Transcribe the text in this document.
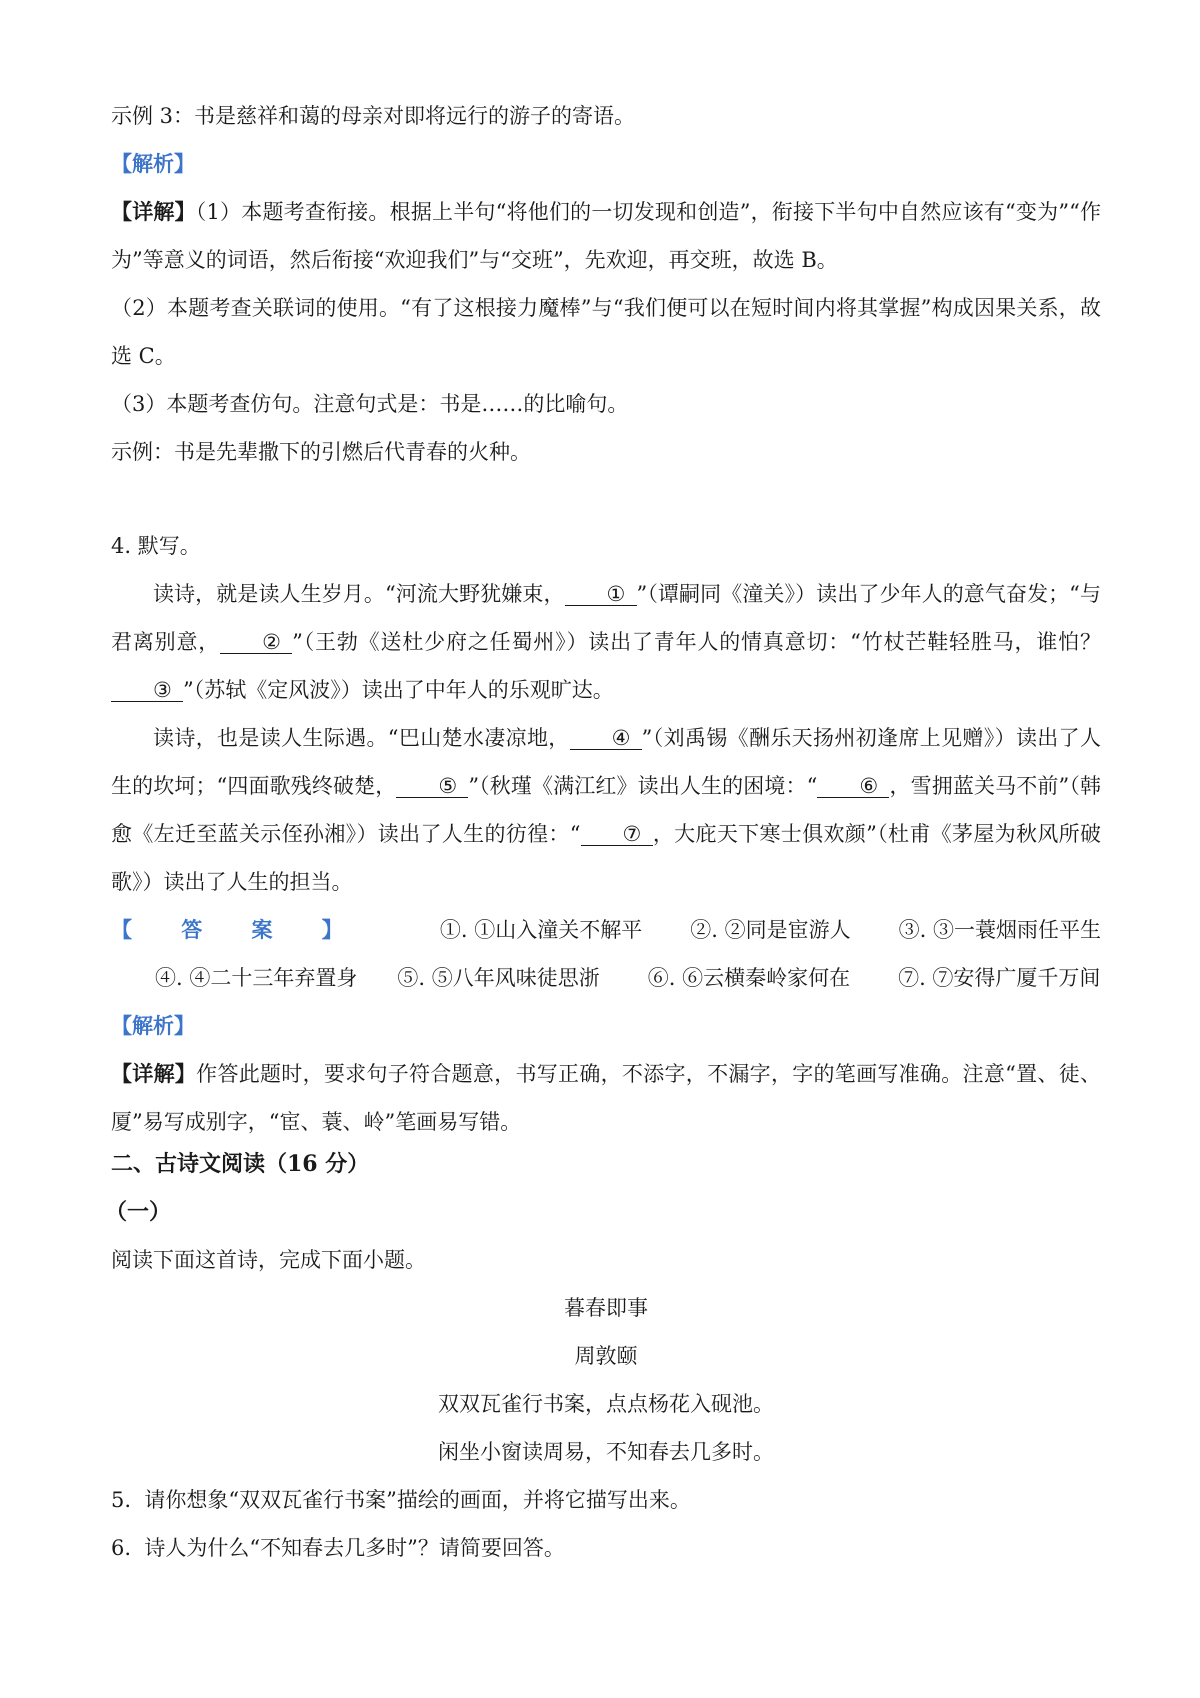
示例 3：书是慈祥和蔼的母亲对即将远行的游子的寄语。

【解析】

【详解】（1）本题考查衔接。根据上半句“将他们的一切发现和创造”，衔接下半句中自然应该有“变为”“作为”等意义的词语，然后衔接“欢迎我们”与“交班”，先欢迎，再交班，故选 B。

（2）本题考查关联词的使用。“有了这根接力魔棒”与“我们便可以在短时间内将其掌握”构成因果关系，故选 C。

（3）本题考查仿句。注意句式是：书是……的比喻句。

示例：书是先辈撒下的引燃后代青春的火种。

4. 默写。

读诗，就是读人生岁月。“河流大野犹嫌束， ① ”（谭嗣同《潼关》）读出了少年人的意气奋发；“与君离别意， ② ”（王勃《送杜少府之任蜀州》）读出了青年人的情真意切：“竹杖芒鞋轻胜马，谁怕？③ ”（苏轼《定风波》）读出了中年人的乐观旷达。

读诗，也是读人生际遇。“巴山楚水凄凉地， ④ ”（刘禹锡《酬乐天扬州初逢席上见赠》）读出了人生的坎坷；“四面歌残终破楚， ⑤ ”（秋瑾《满江红》读出人生的困境：“ ⑥ ，雪拥蓝关马不前”（韩愈《左迁至蓝关示侄孙湘》）读出了人生的彷徨：“ ⑦ ，大庇天下寒士俱欢颜”（杜甫《茅屋为秋风所破歌》）读出了人生的担当。

【答案】 ①. ①山入潼关不解平 ②. ②同是宦游人 ③. ③一蓑烟雨任平生④. ④二十三年弃置身 ⑤. ⑤八年风味徒思浙 ⑥. ⑥云横秦岭家何在 ⑦. ⑦安得广厦千万间

【解析】

【详解】作答此题时，要求句子符合题意，书写正确，不添字，不漏字，字的笔画写准确。注意“置、徒、厦”易写成别字，“宦、蓑、岭”笔画易写错。

二、古诗文阅读（16 分）

（一）

阅读下面这首诗，完成下面小题。

暮春即事

周敦颐

双双瓦雀行书案，点点杨花入砚池。

闲坐小窗读周易，不知春去几多时。

5.  请你想象“双双瓦雀行书案”描绘的画面，并将它描写出来。

6.  诗人为什么“不知春去几多时”？请简要回答。
